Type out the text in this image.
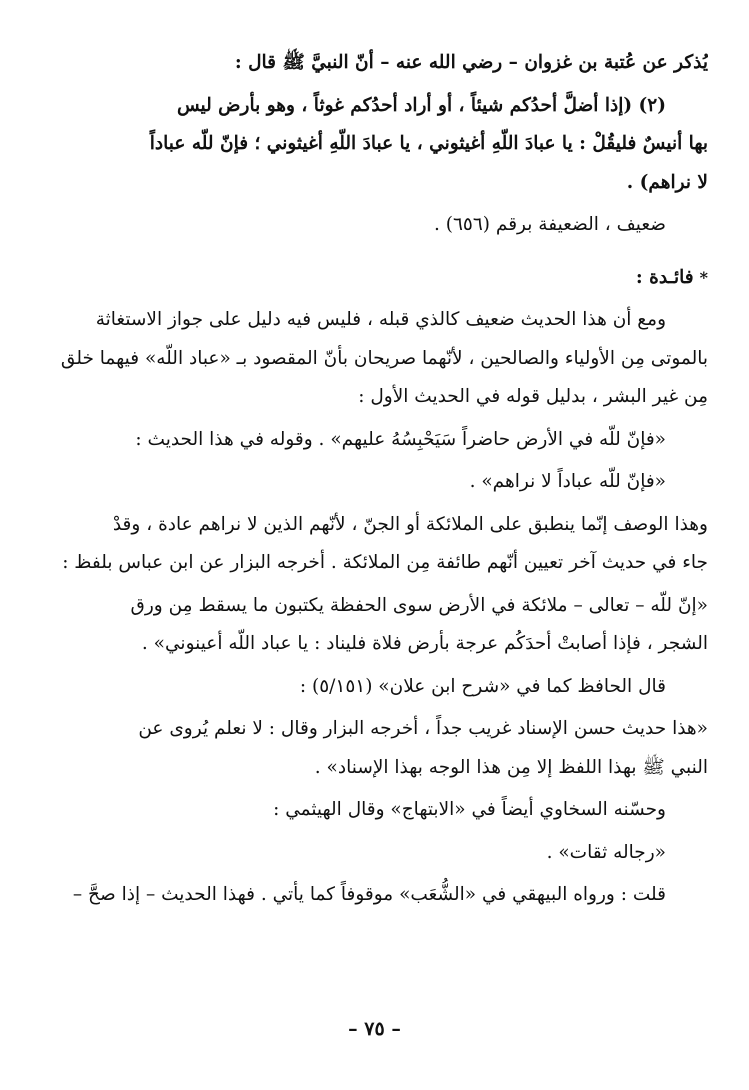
يُذكر عن عُتبة بن غزوان – رضي الله عنه – أنّ النبيَّ ﷺ قال :
(٢) (إذا أضلَّ أحدُكم شيئاً ، أو أراد أحدُكم غوثاً ، وهو بأرض ليس
بها أنيسٌ فليقُلْ : يا عبادَ اللّهِ أغيثوني ، يا عبادَ اللّهِ أغيثوني ؛ فإنّ للّه عباداً
لا نراهم) .
ضعيف ، الضعيفة برقم (٦٥٦) .
*فائـدة :
ومع أن هذا الحديث ضعيف كالذي قبله ، فليس فيه دليل على جواز الاستغاثة
بالموتى مِن الأولياء والصالحين ، لأنّهما صريحان بأنّ المقصود بـ «عباد اللّه» فيهما خلق
مِن غير البشر ، بدليل قوله في الحديث الأول :
«فإنّ للّه في الأرض حاضراً سَيَحْبِسُهُ عليهم» . وقوله في هذا الحديث :
«فإنّ للّه عباداً لا نراهم» .
وهذا الوصف إنّما ينطبق على الملائكة أو الجنّ ، لأنّهم الذين لا نراهم عادة ، وقدْ
جاء في حديث آخر تعيين أنّهم طائفة مِن الملائكة . أخرجه البزار عن ابن عباس بلفظ :
«إنّ للّه – تعالى – ملائكة في الأرض سوى الحفظة يكتبون ما يسقط مِن ورق
الشجر ، فإذا أصابتْ أحدَكُم عرجة بأرض فلاة فليناد : يا عباد اللّه أعينوني» .
قال الحافظ كما في «شرح ابن علان» (٥/١٥١) :
«هذا حديث حسن الإسناد غريب جداً ، أخرجه البزار وقال : لا نعلم يُروى عن
النبي ﷺ بهذا اللفظ إلا مِن هذا الوجه بهذا الإسناد» .
وحسّنه السخاوي أيضاً في «الابتهاج» وقال الهيثمي :
«رجاله ثقات» .
قلت : ورواه البيهقي في «الشُّعَب» موقوفاً كما يأتي . فهذا الحديث – إذا صحَّ –
– ٧٥ –
